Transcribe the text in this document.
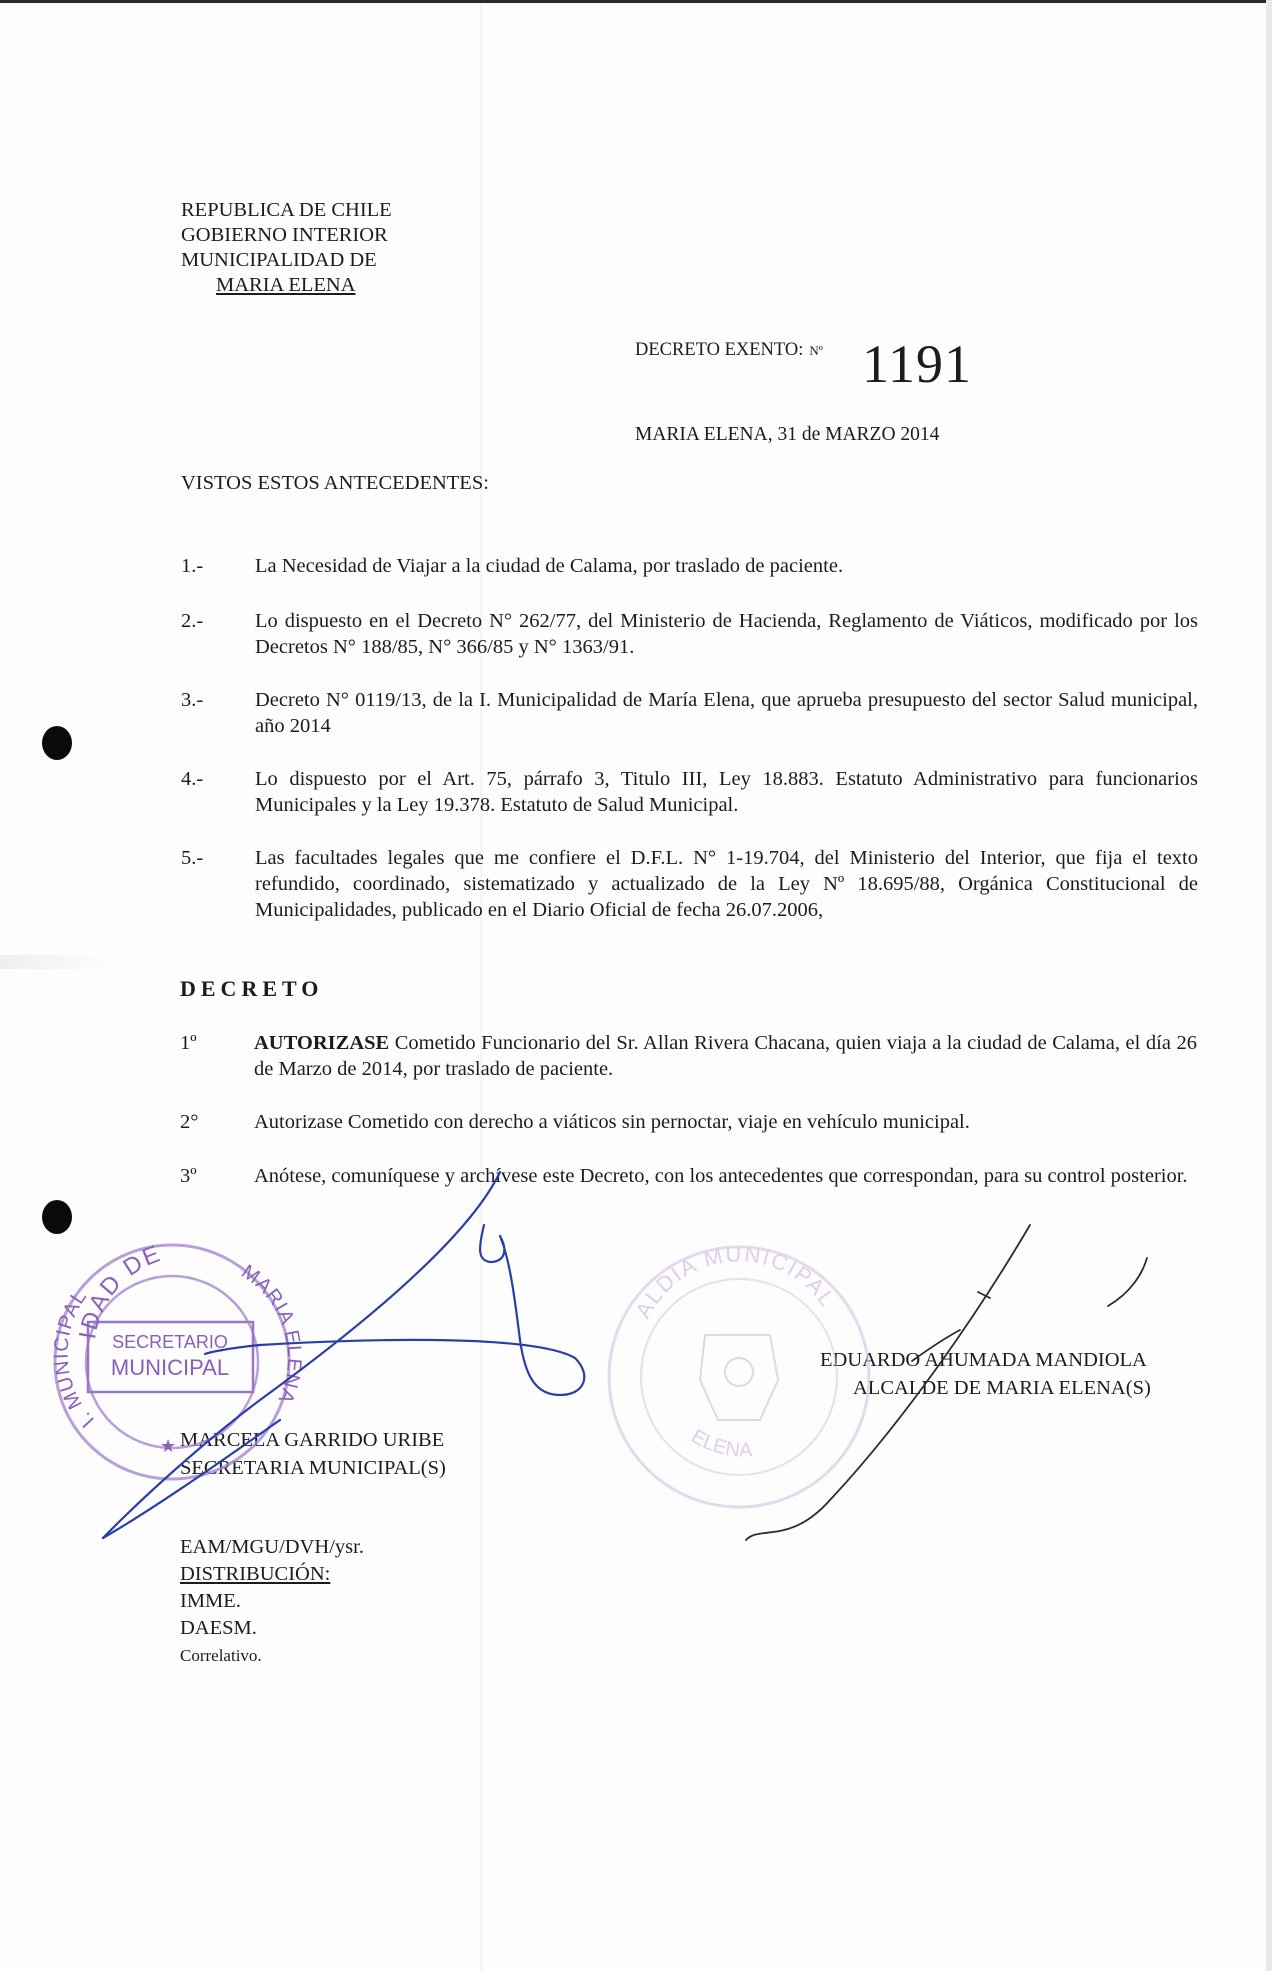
REPUBLICA DE CHILE
GOBIERNO INTERIOR
MUNICIPALIDAD DE
MARIA ELENA
DECRETO EXENTO: Nº 1191
MARIA ELENA, 31 de MARZO 2014
VISTOS ESTOS ANTECEDENTES:
1.-	La Necesidad de Viajar a la ciudad de Calama, por traslado de paciente.
2.-	Lo dispuesto en el Decreto N° 262/77, del Ministerio de Hacienda, Reglamento de Viáticos, modificado por los Decretos N° 188/85, N° 366/85 y N° 1363/91.
3.-	Decreto N° 0119/13, de la I. Municipalidad de María Elena, que aprueba presupuesto del sector Salud municipal, año 2014
4.-	Lo dispuesto por el Art. 75, párrafo 3, Titulo III, Ley 18.883. Estatuto Administrativo para funcionarios Municipales y la Ley 19.378. Estatuto de Salud Municipal.
5.-	Las facultades legales que me confiere el D.F.L. N° 1-19.704, del Ministerio del Interior, que fija el texto refundido, coordinado, sistematizado y actualizado de la Ley Nº 18.695/88, Orgánica Constitucional de Municipalidades, publicado en el Diario Oficial de fecha 26.07.2006,
DECRETO
1º	AUTORIZASE Cometido Funcionario del Sr. Allan Rivera Chacana, quien viaja a la ciudad de Calama, el día 26 de Marzo de 2014, por traslado de paciente.
2°	Autorizase Cometido con derecho a viáticos sin pernoctar, viaje en vehículo municipal.
3º	Anótese, comuníquese y archívese este Decreto, con los antecedentes que correspondan, para su control posterior.
MARCELA GARRIDO URIBE
SECRETARIA MUNICIPAL(S)
EDUARDO AHUMADA MANDIOLA
ALCALDE DE MARIA ELENA(S)
EAM/MGU/DVH/ysr.
DISTRIBUCIÓN:
IMME.
DAESM.
Correlativo.
IDAD DE
MARIA ELENA
I. MUNICIPAL
SECRETARIO
MUNICIPAL
★
ALDIA MUNICIPAL
ELENA
